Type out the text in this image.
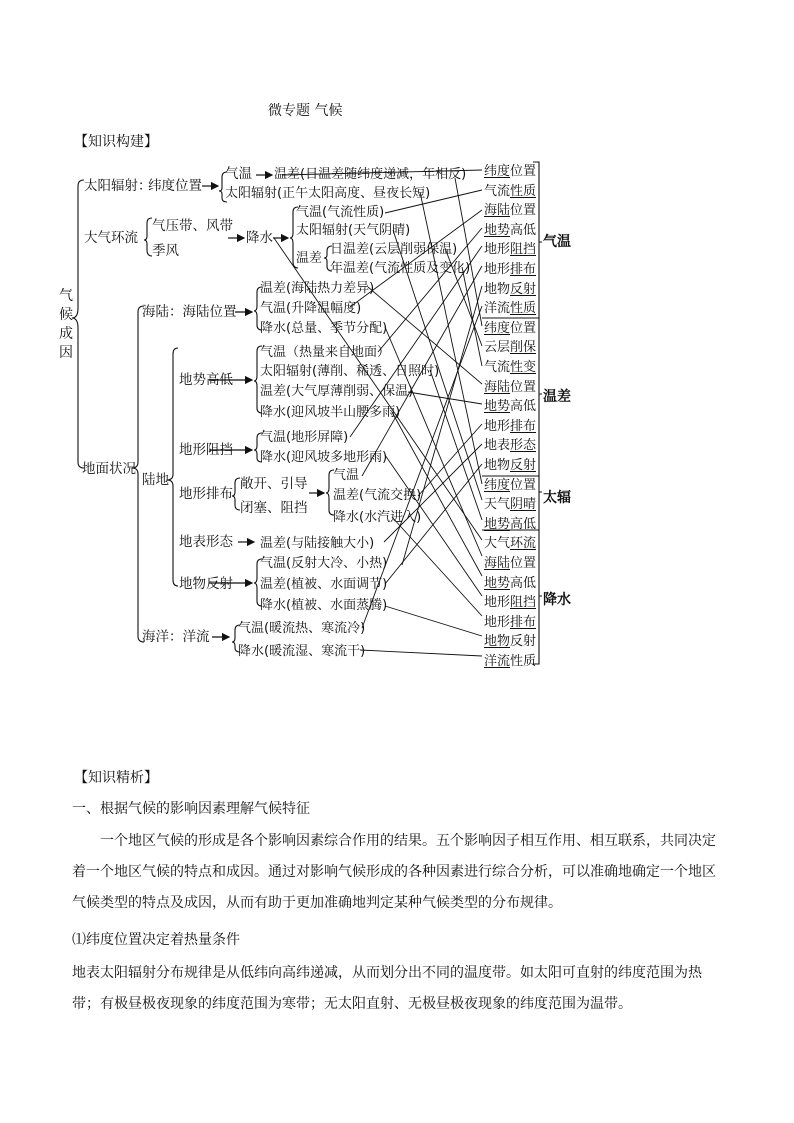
微专题 气候
【知识构建】
气
候
成
因
太阳辐射：
纬度位置
气温 温差(日温差随纬度递减，年相反)
太阳辐射(正午太阳高度、昼夜长短)
大气环流
气压带、风带
季风
降水
气温(气流性质)
太阳辐射(天气阴晴)
温差
日温差(云层削弱保温)
年温差(气流性质及变化)
地面状况
海陆：海陆位置
温差(海陆热力差异)
气温(升降温幅度)
降水(总量、季节分配)
陆地
地势高低
气温（热量来自地面）
太阳辐射(薄削、稀透、日照时)
温差(大气厚薄削弱、保温)
降水(迎风坡半山腰多雨)
地形阻挡
气温(地形屏障)
降水(迎风坡多地形雨)
地形排布
敞开、引导
闭塞、阻挡
气温
温差(气流交换)
降水(水汽进入)
地表形态 温差(与陆接触大小)
地物反射
气温(反射大冷、小热)
温差(植被、水面调节)
降水(植被、水面蒸腾)
海洋：洋流
气温(暖流热、寒流冷)
降水(暖流湿、寒流干)
纬度位置
气流性质
海陆位置
地势高低
地形阻挡
地形排布
地物反射
洋流性质
气温
纬度位置
云层削保
气流性变
海陆位置
地势高低
地形排布
地表形态
地物反射
温差
纬度位置
天气阴晴
地势高低
太辐
大气环流
海陆位置
地势高低
地形阻挡
地形排布
地物反射
洋流性质
降水
【知识精析】
一、根据气候的影响因素理解气候特征
一个地区气候的形成是各个影响因素综合作用的结果。五个影响因子相互作用、相互联系，共同决定着一个地区气候的特点和成因。通过对影响气候形成的各种因素进行综合分析，可以准确地确定一个地区气候类型的特点及成因，从而有助于更加准确地判定某种气候类型的分布规律。
⑴纬度位置决定着热量条件
地表太阳辐射分布规律是从低纬向高纬递减，从而划分出不同的温度带。如太阳可直射的纬度范围为热带；有极昼极夜现象的纬度范围为寒带；无太阳直射、无极昼极夜现象的纬度范围为温带。
